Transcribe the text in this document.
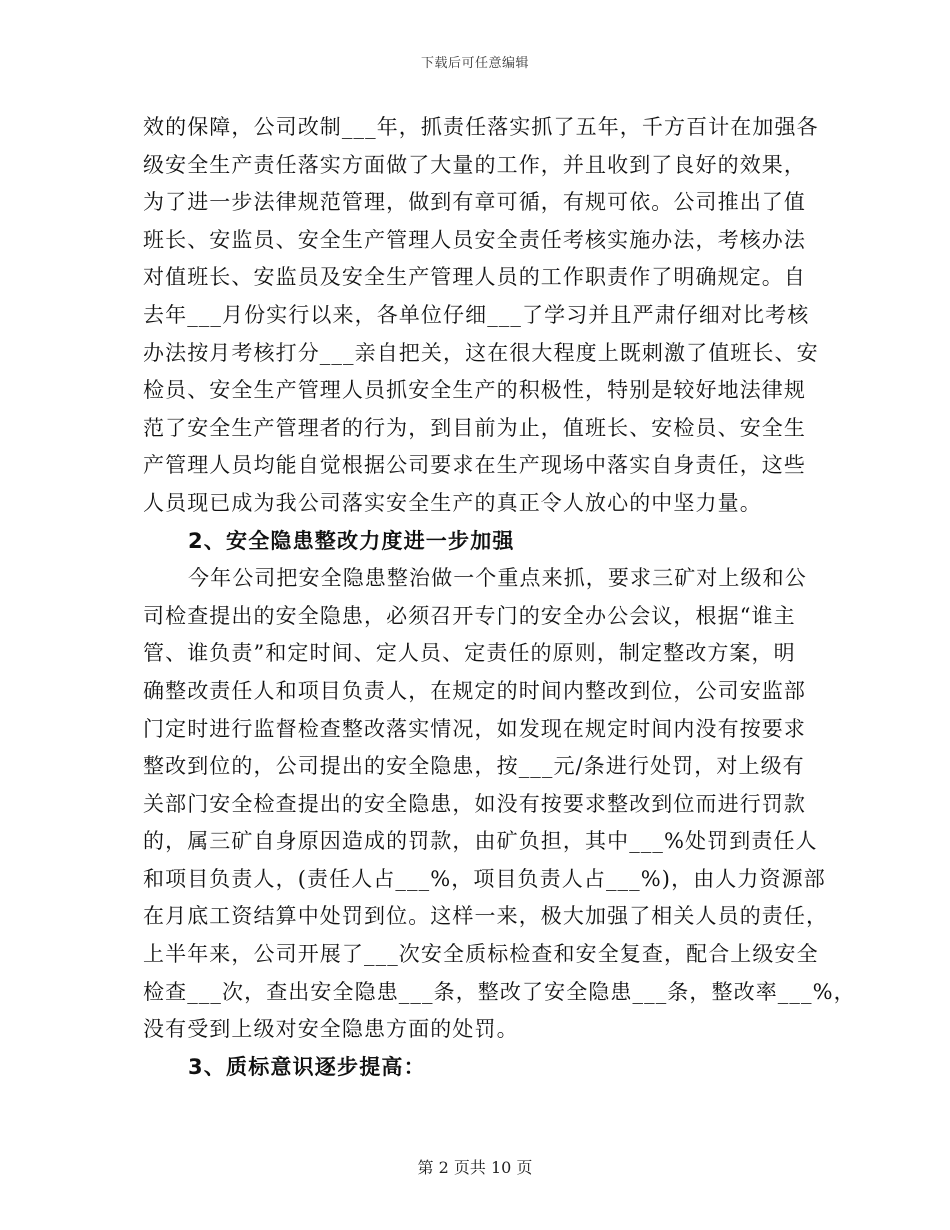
下载后可任意编辑
效的保障，公司改制___年，抓责任落实抓了五年，千方百计在加强各
级安全生产责任落实方面做了大量的工作，并且收到了良好的效果，
为了进一步法律规范管理，做到有章可循，有规可依。公司推出了值
班长、安监员、安全生产管理人员安全责任考核实施办法，考核办法
对值班长、安监员及安全生产管理人员的工作职责作了明确规定。自
去年___月份实行以来，各单位仔细___了学习并且严肃仔细对比考核
办法按月考核打分___亲自把关，这在很大程度上既刺激了值班长、安
检员、安全生产管理人员抓安全生产的积极性，特别是较好地法律规
范了安全生产管理者的行为，到目前为止，值班长、安检员、安全生
产管理人员均能自觉根据公司要求在生产现场中落实自身责任，这些
人员现已成为我公司落实安全生产的真正令人放心的中坚力量。
2、安全隐患整改力度进一步加强
今年公司把安全隐患整治做一个重点来抓，要求三矿对上级和公
司检查提出的安全隐患，必须召开专门的安全办公会议，根据“谁主
管、谁负责”和定时间、定人员、定责任的原则，制定整改方案，明
确整改责任人和项目负责人，在规定的时间内整改到位，公司安监部
门定时进行监督检查整改落实情况，如发现在规定时间内没有按要求
整改到位的，公司提出的安全隐患，按___元/条进行处罚，对上级有
关部门安全检查提出的安全隐患，如没有按要求整改到位而进行罚款
的，属三矿自身原因造成的罚款，由矿负担，其中___%处罚到责任人
和项目负责人，(责任人占___%，项目负责人占___%)，由人力资源部
在月底工资结算中处罚到位。这样一来，极大加强了相关人员的责任，
上半年来，公司开展了___次安全质标检查和安全复查，配合上级安全
检查___次，查出安全隐患___条，整改了安全隐患___条，整改率___%，
没有受到上级对安全隐患方面的处罚。
3、质标意识逐步提高：
第 2 页共 10 页
